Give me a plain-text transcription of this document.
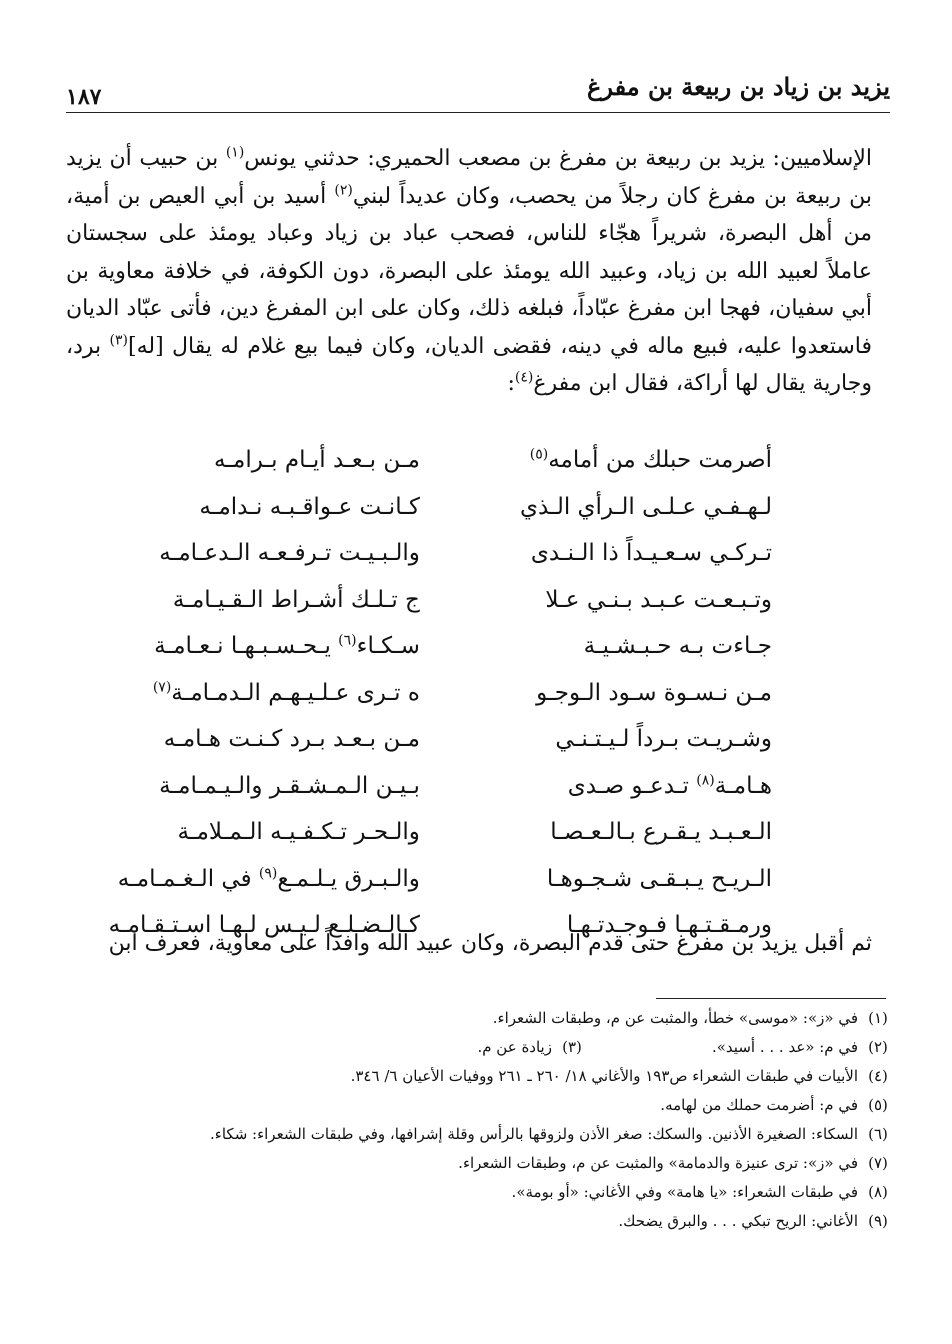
يزيد بن زياد بن ربيعة بن مفرغ
١٨٧

الإسلاميين: يزيد بن ربيعة بن مفرغ بن مصعب الحميري: حدثني يونس$^{(١)}$ بن حبيب أن يزيد بن ربيعة بن مفرغ كان رجلاً من يحصب، وكان عديداً لبني$^{(٢)}$ أسيد بن أبي العيص بن أمية، من أهل البصرة، شريراً هجّاء للناس، فصحب عباد بن زياد وعباد يومئذ على سجستان عاملاً لعبيد الله بن زياد، وعبيد الله يومئذ على البصرة، دون الكوفة، في خلافة معاوية بن أبي سفيان، فهجا ابن مفرغ عبّاداً، فبلغه ذلك، وكان على ابن المفرغ دين، فأتى عبّاد الديان فاستعدوا عليه، فبيع ماله في دينه، فقضى الديان، وكان فيما بيع غلام له يقال [له]$^{(٣)}$ برد، وجارية يقال لها أراكة، فقال ابن مفرغ$^{(٤)}$:

أصرمت حبلك من أمامه$^{(٥)}$
مـن بـعـد أيـام بـرامـه
لـهـفـي عـلـى الـرأي الـذي
كـانـت عـواقـبـه نـدامـه
تـركـي سـعـيـداً ذا الـنـدى
والـبـيـت تـرفـعـه الـدعـامـه
وتـبـعـت عـبـد بـنـي عـلا
ج تـلـك أشـراط الـقـيـامـة
جـاءت بـه حـبـشـيـة
سـكـاء$^{(٦)}$ يـحـسـبـهـا نـعـامـة
مـن نـسـوة سـود الـوجـو
ه تـرى عـلـيـهـم الـدمـامـة$^{(٧)}$
وشـريـت بـرداً لـيـتـنـي
مـن بـعـد بـرد كـنـت هـامـه
هـامـة$^{(٨)}$ تـدعـو صـدى
بـيـن الـمـشـقـر والـيـمـامـة
الـعـبـد يـقـرع بـالـعـصـا
والـحـر تـكـفـيـه الـمـلامـة
الـريـح يـبـقـى شـجـوهـا
والـبـرق يـلـمـع$^{(٩)}$ في الـغـمـامـه
ورمـقـتـهـا فـوجـدتـهـا
كـالـضـلـع لـيـس لـهـا اسـتـقـامـه
ثم أقبل يزيد بن مفرغ حتى قدم البصرة، وكان عبيد الله وافداً على معاوية، فعرف ابن
(١)
في «ز»: «موسى» خطأ، والمثبت عن م، وطبقات الشعراء.
(٢)
في م: «عد . . . أسيد».
(٣)
زيادة عن م.
(٤)
الأبيات في طبقات الشعراء ص١٩٣ والأغاني ١٨/ ٢٦٠ ـ ٢٦١ ووفيات الأعيان ٦/ ٣٤٦.
(٥)
في م: أضرمت حملك من لهامه.
(٦)
السكاء: الصغيرة الأذنين. والسكك: صغر الأذن ولزوقها بالرأس وقلة إشرافها، وفي طبقات الشعراء: شكاء.
(٧)
في «ز»: ترى عنيزة والدمامة» والمثبت عن م، وطبقات الشعراء.
(٨)
في طبقات الشعراء: «يا هامة» وفي الأغاني: «أو بومة».
(٩)
الأغاني: الريح تبكي . . . والبرق يضحك.
